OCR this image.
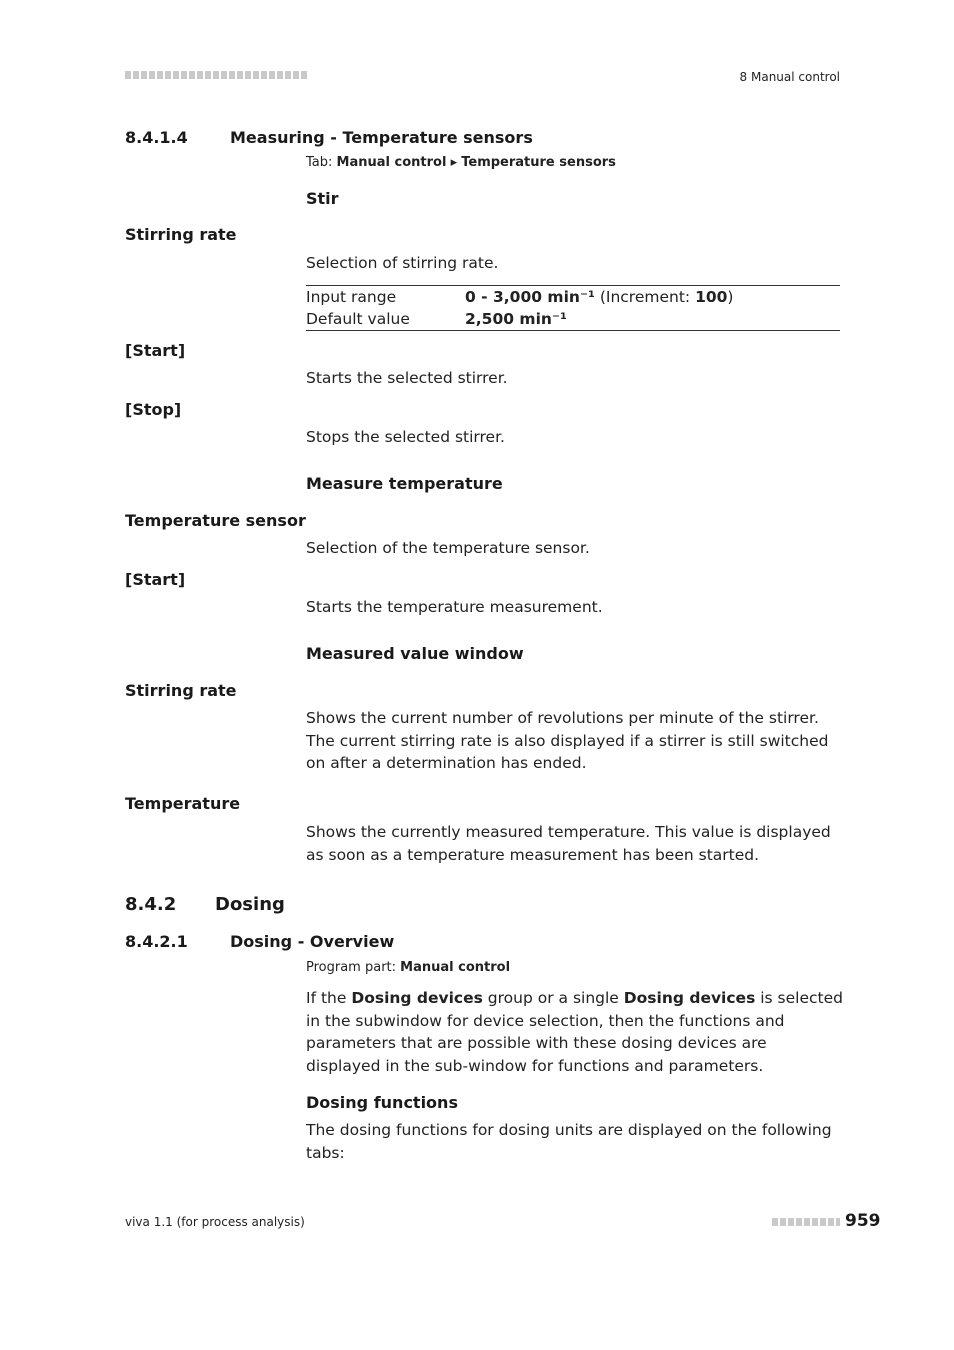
8 Manual control
8.4.1.4	Measuring - Temperature sensors
Tab: Manual control ▸ Temperature sensors
Stir
Stirring rate
Selection of stirring rate.
Input range	0 - 3,000 min⁻¹ (Increment: 100)
Default value	2,500 min⁻¹
[Start]
Starts the selected stirrer.
[Stop]
Stops the selected stirrer.
Measure temperature
Temperature sensor
Selection of the temperature sensor.
[Start]
Starts the temperature measurement.
Measured value window
Stirring rate
Shows the current number of revolutions per minute of the stirrer. The current stirring rate is also displayed if a stirrer is still switched on after a determination has ended.
Temperature
Shows the currently measured temperature. This value is displayed as soon as a temperature measurement has been started.
8.4.2 Dosing
8.4.2.1	Dosing - Overview
Program part: Manual control
If the Dosing devices group or a single Dosing devices is selected in the subwindow for device selection, then the functions and parameters that are possible with these dosing devices are displayed in the sub-window for functions and parameters.
Dosing functions
The dosing functions for dosing units are displayed on the following tabs:
viva 1.1 (for process analysis)	959
